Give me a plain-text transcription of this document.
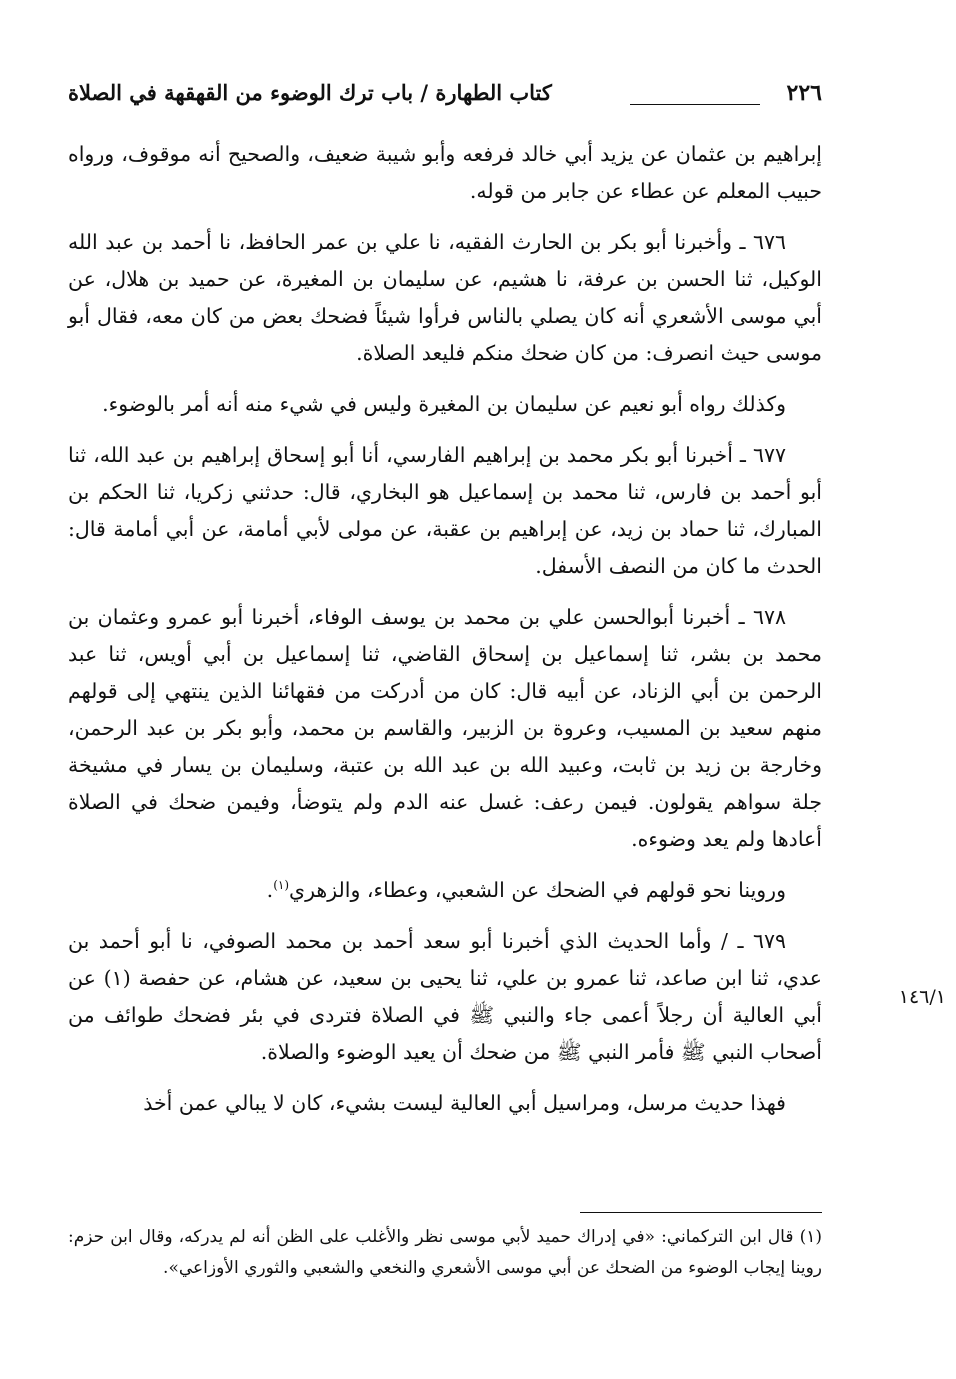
٢٢٦
كتاب الطهارة / باب ترك الوضوء من القهقهة في الصلاة
١٤٦/١

إبراهيم بن عثمان عن يزيد أبي خالد فرفعه وأبو شيبة ضعيف، والصحيح أنه موقوف، ورواه حبيب المعلم عن عطاء عن جابر من قوله.

٦٧٦ ـ وأخبرنا أبو بكر بن الحارث الفقيه، نا علي بن عمر الحافظ، نا أحمد بن عبد الله الوكيل، ثنا الحسن بن عرفة، نا هشيم، عن سليمان بن المغيرة، عن حميد بن هلال، عن أبي موسى الأشعري أنه كان يصلي بالناس فرأوا شيئاً فضحك بعض من كان معه، فقال أبو موسى حيث انصرف: من كان ضحك منكم فليعد الصلاة.

وكذلك رواه أبو نعيم عن سليمان بن المغيرة وليس في شيء منه أنه أمر بالوضوء.

٦٧٧ ـ أخبرنا أبو بكر محمد بن إبراهيم الفارسي، أنا أبو إسحاق إبراهيم بن عبد الله، ثنا أبو أحمد بن فارس، ثنا محمد بن إسماعيل هو البخاري، قال: حدثني زكريا، ثنا الحكم بن المبارك، ثنا حماد بن زيد، عن إبراهيم بن عقبة، عن مولى لأبي أمامة، عن أبي أمامة قال: الحدث ما كان من النصف الأسفل.

٦٧٨ ـ أخبرنا أبوالحسن علي بن محمد بن يوسف الوفاء، أخبرنا أبو عمرو وعثمان بن محمد بن بشر، ثنا إسماعيل بن إسحاق القاضي، ثنا إسماعيل بن أبي أويس، ثنا عبد الرحمن بن أبي الزناد، عن أبيه قال: كان من أدركت من فقهائنا الذين ينتهي إلى قولهم منهم سعيد بن المسيب، وعروة بن الزبير، والقاسم بن محمد، وأبو بكر بن عبد الرحمن، وخارجة بن زيد بن ثابت، وعبيد الله بن عبد الله بن عتبة، وسليمان بن يسار في مشيخة جلة سواهم يقولون. فيمن رعف: غسل عنه الدم ولم يتوضأ، وفيمن ضحك في الصلاة أعادها ولم يعد وضوءه.

وروينا نحو قولهم في الضحك عن الشعبي، وعطاء، والزهري$^{(١)}$.

٦٧٩ ـ / وأما الحديث الذي أخبرنا أبو سعد أحمد بن محمد الصوفي، نا أبو أحمد بن عدي، ثنا ابن صاعد، ثنا عمرو بن علي، ثنا يحيى بن سعيد، عن هشام، عن حفصة (١) عن أبي العالية أن رجلاً أعمى جاء والنبي ﷺ في الصلاة فتردى في بئر فضحك طوائف من أصحاب النبي ﷺ فأمر النبي ﷺ من ضحك أن يعيد الوضوء والصلاة.

فهذا حديث مرسل، ومراسيل أبي العالية ليست بشيء، كان لا يبالي عمن أخذ

(١) قال ابن التركماني: «في إدراك حميد لأبي موسى نظر والأغلب على الظن أنه لم يدركه، وقال ابن حزم: روينا إيجاب الوضوء من الضحك عن أبي موسى الأشعري والنخعي والشعبي والثوري الأوزاعي».
